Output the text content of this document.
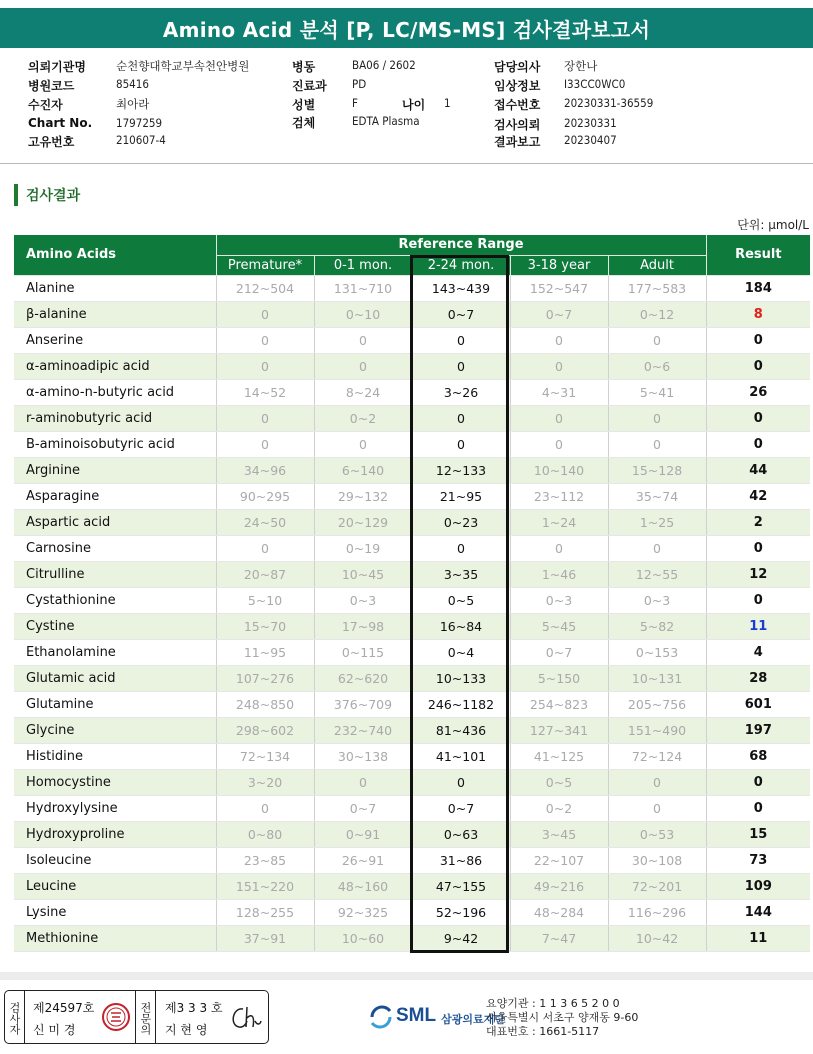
Amino Acid 분석 [P, LC/MS-MS] 검사결과보고서
의뢰기관명	순천향대학교부속천안병원
병원코드	85416
수진자	최아라
Chart No. 1797259
고유번호	210607-4
병동	BA06 / 2602
진료과 PD
성별	F	나이 1
검체	EDTA Plasma
담당의사 장한나
임상정보 I33CC0WC0
접수번호 20230331-36559
검사의뢰 20230331
결과보고 20230407
검사결과
단위: μmol/L
Amino Acids	Reference Range					Result
	Premature*	0-1 mon.	2-24 mon.	3-18 year	Adult	
Alanine	212~504	131~710	143~439	152~547	177~583	184
β-alanine	0	0~10	0~7	0~7	0~12	8
Anserine	0	0	0	0	0	0
α-aminoadipic acid	0	0	0	0	0~6	0
α-amino-n-butyric acid	14~52	8~24	3~26	4~31	5~41	26
r-aminobutyric acid	0	0~2	0	0	0	0
Β-aminoisobutyric acid	0	0	0	0	0	0
Arginine	34~96	6~140	12~133	10~140	15~128	44
Asparagine	90~295	29~132	21~95	23~112	35~74	42
Aspartic acid	24~50	20~129	0~23	1~24	1~25	2
Carnosine	0	0~19	0	0	0	0
Citrulline	20~87	10~45	3~35	1~46	12~55	12
Cystathionine	5~10	0~3	0~5	0~3	0~3	0
Cystine	15~70	17~98	16~84	5~45	5~82	11
Ethanolamine	11~95	0~115	0~4	0~7	0~153	4
Glutamic acid	107~276	62~620	10~133	5~150	10~131	28
Glutamine	248~850	376~709	246~1182	254~823	205~756	601
Glycine	298~602	232~740	81~436	127~341	151~490	197
Histidine	72~134	30~138	41~101	41~125	72~124	68
Homocystine	3~20	0	0	0~5	0	0
Hydroxylysine	0	0~7	0~7	0~2	0	0
Hydroxyproline	0~80	0~91	0~63	3~45	0~53	15
Isoleucine	23~85	26~91	31~86	22~107	30~108	73
Leucine	151~220	48~160	47~155	49~216	72~201	109
Lysine	128~255	92~325	52~196	48~284	116~296	144
Methionine	37~91	10~60	9~42	7~47	10~42	11
검사자 제24597호
신 미 경	전문의 제3 3 3 호
지 현 영
SML 삼광의료재단
요양기관 : 1 1 3 6 5 2 0 0
서울특별시 서초구 양재동 9-60
대표번호 : 1661-5117
